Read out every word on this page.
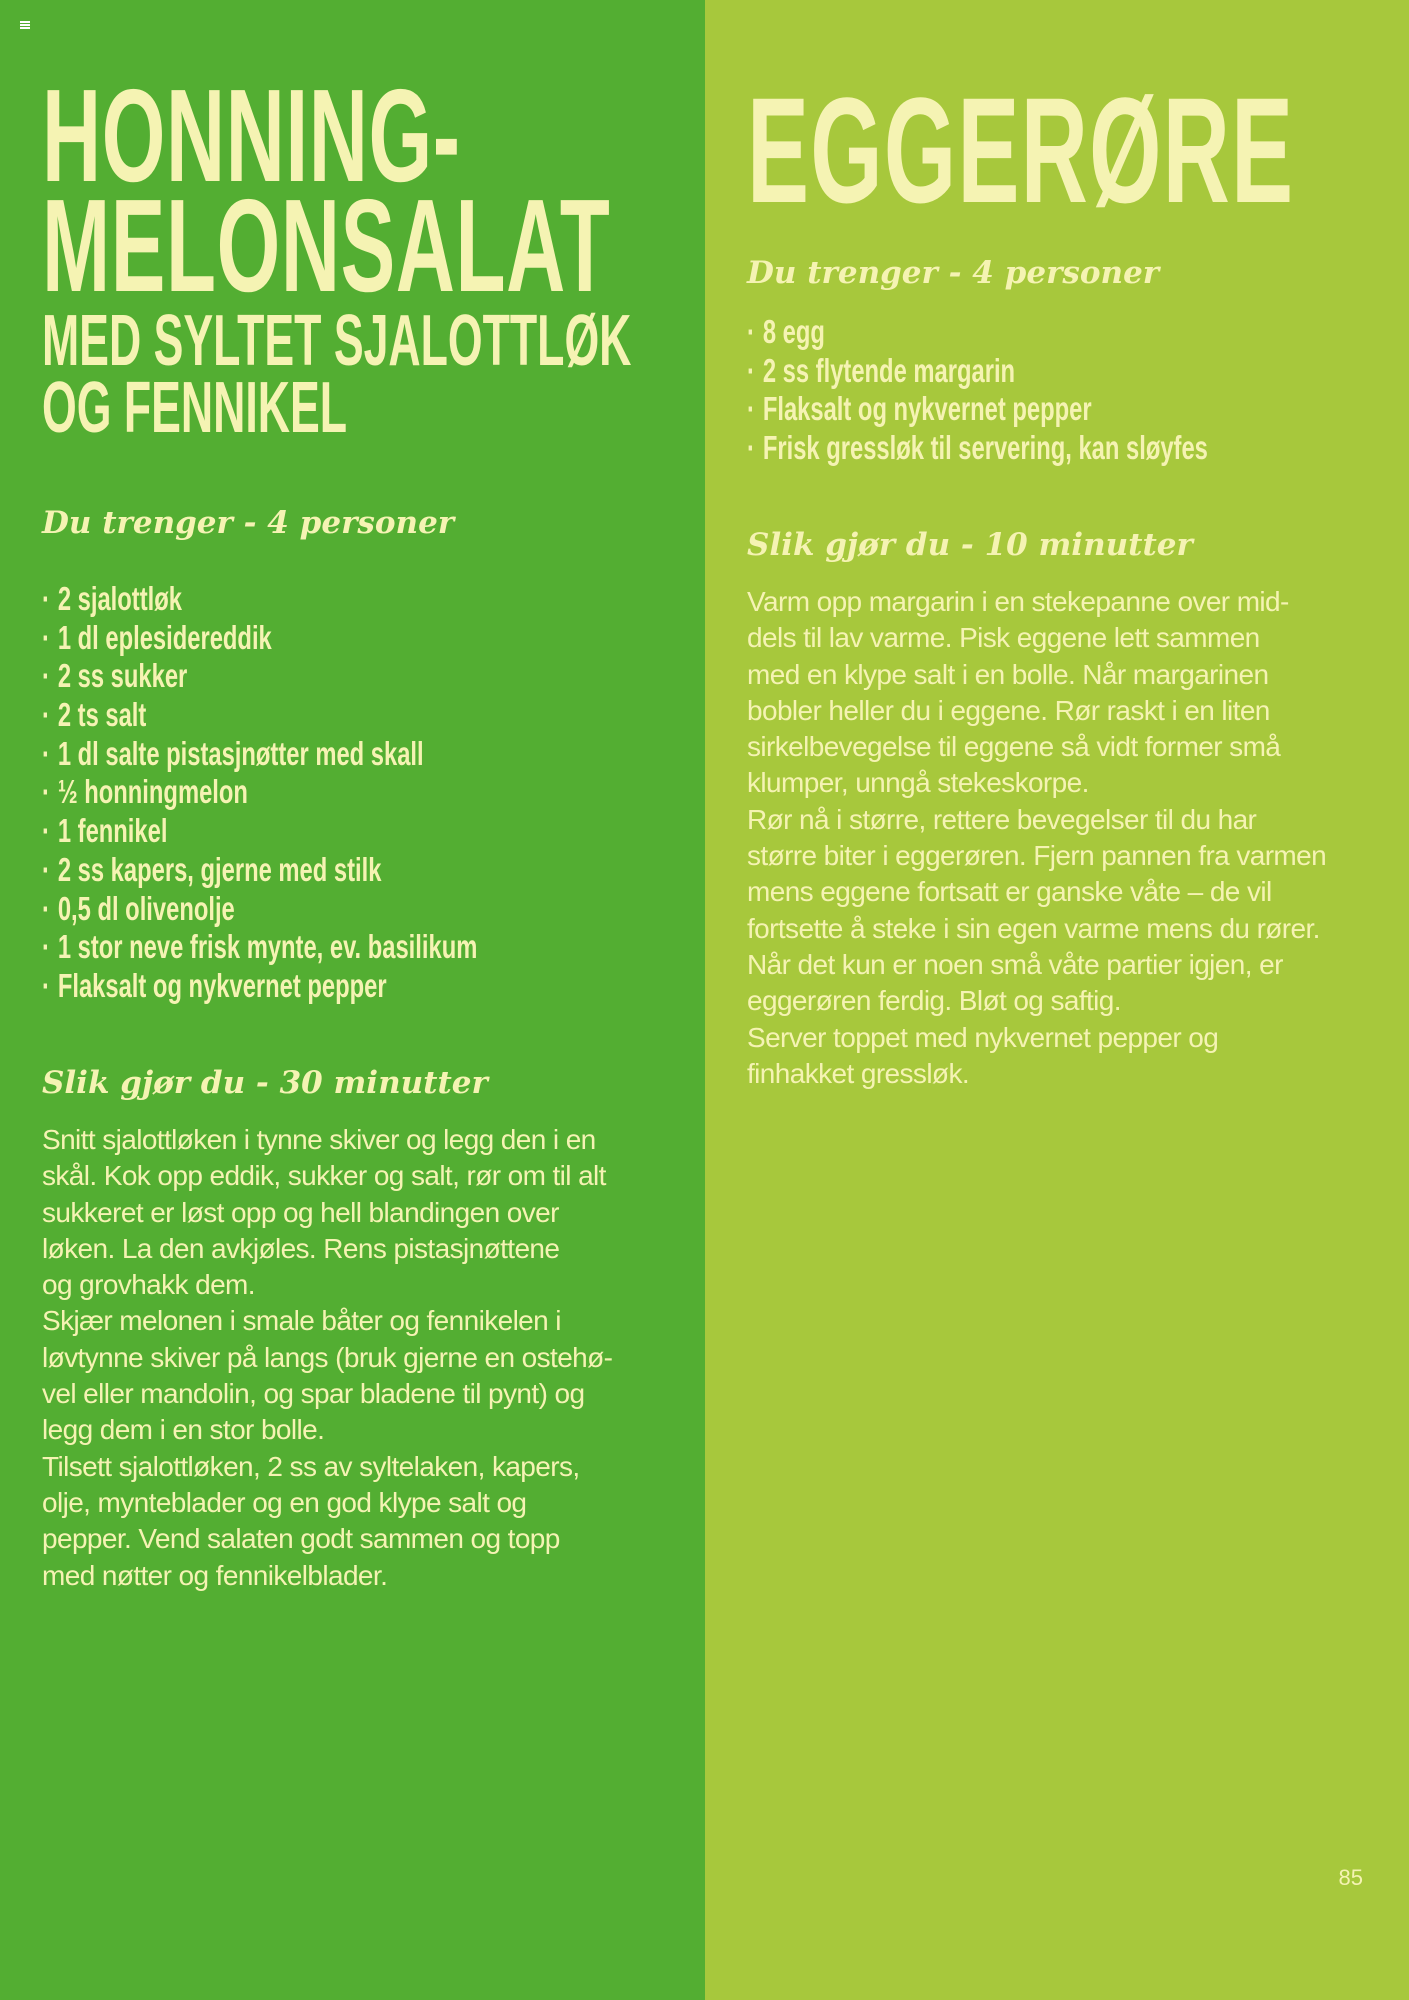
HONNING-
MELONSALAT
MED SYLTET SJALOTTLØK
OG FENNIKEL
Du trenger - 4 personer
· 2 sjalottløk
· 1 dl eplesidereddik
· 2 ss sukker
· 2 ts salt
· 1 dl salte pistasjnøtter med skall
· ½ honningmelon
· 1 fennikel
· 2 ss kapers, gjerne med stilk
· 0,5 dl olivenolje
· 1 stor neve frisk mynte, ev. basilikum
· Flaksalt og nykvernet pepper
Slik gjør du - 30 minutter

Snitt sjalottløken i tynne skiver og legg den i en

skål. Kok opp eddik, sukker og salt, rør om til alt

sukkeret er løst opp og hell blandingen over

løken. La den avkjøles. Rens pistasjnøttene

og grovhakk dem.

Skjær melonen i smale båter og fennikelen i

løvtynne skiver på langs (bruk gjerne en ostehø-

vel eller mandolin, og spar bladene til pynt) og

legg dem i en stor bolle.

Tilsett sjalottløken, 2 ss av syltelaken, kapers,

olje, mynteblader og en god klype salt og

pepper. Vend salaten godt sammen og topp

med nøtter og fennikelblader.

EGGERØRE
Du trenger - 4 personer
· 8 egg
· 2 ss flytende margarin
· Flaksalt og nykvernet pepper
· Frisk gressløk til servering, kan sløyfes
Slik gjør du - 10 minutter

Varm opp margarin i en stekepanne over mid-

dels til lav varme. Pisk eggene lett sammen

med en klype salt i en bolle. Når margarinen

bobler heller du i eggene. Rør raskt i en liten

sirkelbevegelse til eggene så vidt former små

klumper, unngå stekeskorpe.

Rør nå i større, rettere bevegelser til du har

større biter i eggerøren. Fjern pannen fra varmen

mens eggene fortsatt er ganske våte – de vil

fortsette å steke i sin egen varme mens du rører.

Når det kun er noen små våte partier igjen, er

eggerøren ferdig. Bløt og saftig.

Server toppet med nykvernet pepper og

finhakket gressløk.

85
